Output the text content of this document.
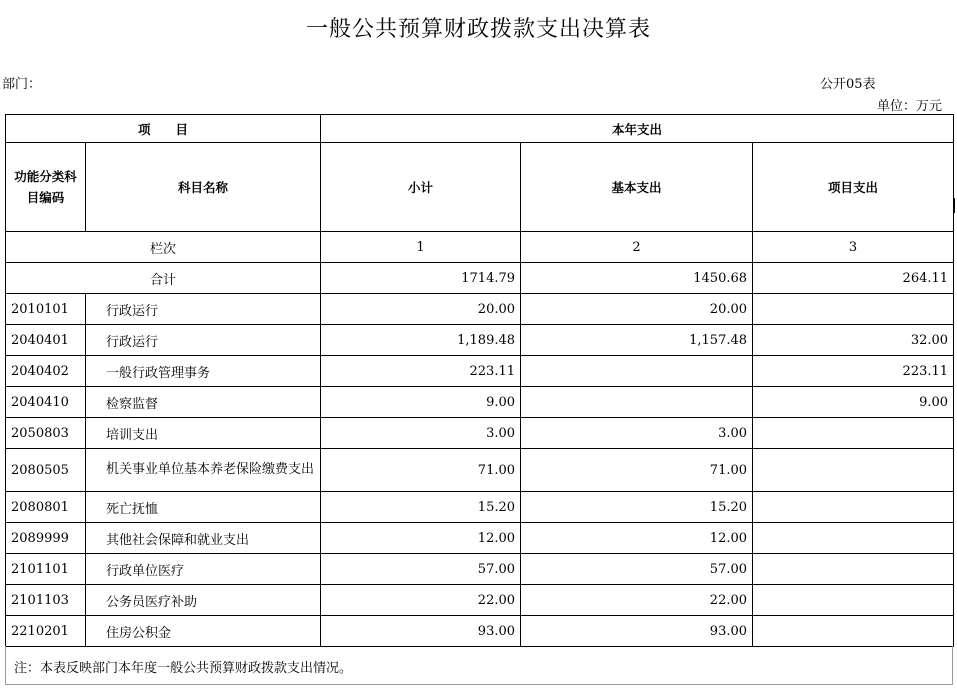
一般公共预算财政拨款支出决算表
部门：	公开05表
单位：万元
项　　目		本年支出		
功能分类科目编码	科目名称	小计	基本支出	项目支出
栏次		1	2	3
合计		1714.79	1450.68	264.11
2010101	行政运行	20.00	20.00	
2040401	行政运行	1,189.48	1,157.48	32.00
2040402	一般行政管理事务	223.11		223.11
2040410	检察监督	9.00		9.00
2050803	培训支出	3.00	3.00	
2080505	机关事业单位基本养老保险缴费支出	71.00	71.00	
2080801	死亡抚恤	15.20	15.20	
2089999	其他社会保障和就业支出	12.00	12.00	
2101101	行政单位医疗	57.00	57.00	
2101103	公务员医疗补助	22.00	22.00	
2210201	住房公积金	93.00	93.00	
注：本表反映部门本年度一般公共预算财政拨款支出情况。
